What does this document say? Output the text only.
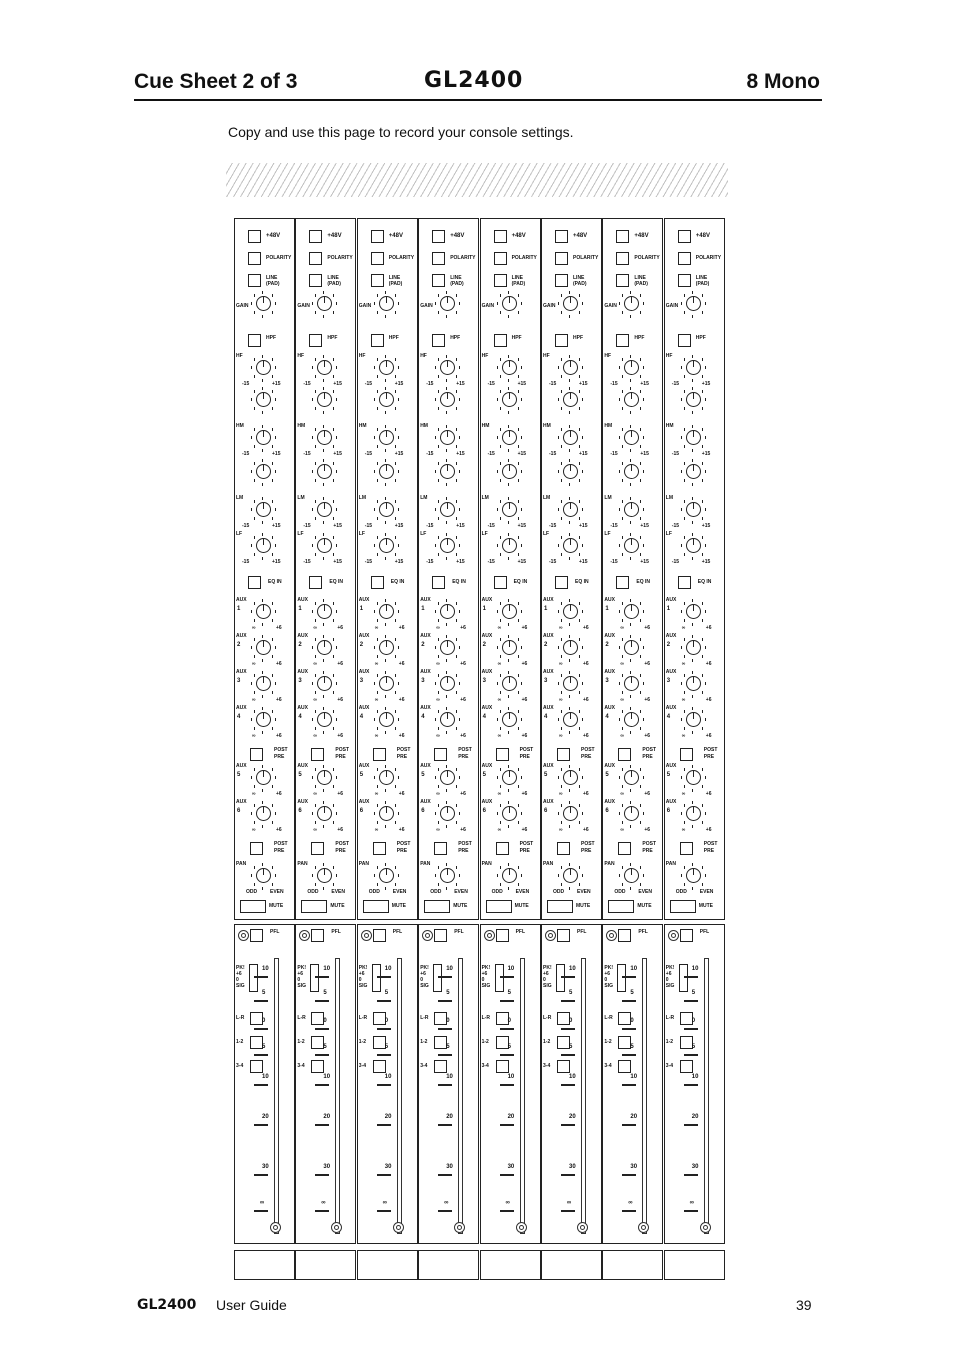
Cue Sheet 2 of 3	GL2400	8 Mono
Copy and use this page to record your console settings.
+48V
POLARITY
LINE
(PAD)
GAIN
HPF
HF
-15	+15
HM
-15	+15
LM
-15	+15
LF
-15	+15
EQ IN
AUX
1
∞	+6
AUX
2
∞	+6
AUX
3
∞	+6
AUX
4
∞	+6
POST
PRE
AUX
5
∞	+6
AUX
6
∞	+6
POST
PRE
PAN
ODD	EVEN
MUTE
PFL
PK!
+6
0
SIG
L-R
1-2
3-4
10
5
0
5
10
20
30
∞
+48V
POLARITY
LINE
(PAD)
GAIN
HPF
HF
-15	+15
HM
-15	+15
LM
-15	+15
LF
-15	+15
EQ IN
AUX
1
∞	+6
AUX
2
∞	+6
AUX
3
∞	+6
AUX
4
∞	+6
POST
PRE
AUX
5
∞	+6
AUX
6
∞	+6
POST
PRE
PAN
ODD	EVEN
MUTE
PFL
PK!
+6
0
SIG
L-R
1-2
3-4
10
5
0
5
10
20
30
∞
+48V
POLARITY
LINE
(PAD)
GAIN
HPF
HF
-15	+15
HM
-15	+15
LM
-15	+15
LF
-15	+15
EQ IN
AUX
1
∞	+6
AUX
2
∞	+6
AUX
3
∞	+6
AUX
4
∞	+6
POST
PRE
AUX
5
∞	+6
AUX
6
∞	+6
POST
PRE
PAN
ODD	EVEN
MUTE
PFL
PK!
+6
0
SIG
L-R
1-2
3-4
10
5
0
5
10
20
30
∞
+48V
POLARITY
LINE
(PAD)
GAIN
HPF
HF
-15	+15
HM
-15	+15
LM
-15	+15
LF
-15	+15
EQ IN
AUX
1
∞	+6
AUX
2
∞	+6
AUX
3
∞	+6
AUX
4
∞	+6
POST
PRE
AUX
5
∞	+6
AUX
6
∞	+6
POST
PRE
PAN
ODD	EVEN
MUTE
PFL
PK!
+6
0
SIG
L-R
1-2
3-4
10
5
0
5
10
20
30
∞
+48V
POLARITY
LINE
(PAD)
GAIN
HPF
HF
-15	+15
HM
-15	+15
LM
-15	+15
LF
-15	+15
EQ IN
AUX
1
∞	+6
AUX
2
∞	+6
AUX
3
∞	+6
AUX
4
∞	+6
POST
PRE
AUX
5
∞	+6
AUX
6
∞	+6
POST
PRE
PAN
ODD	EVEN
MUTE
PFL
PK!
+6
0
SIG
L-R
1-2
3-4
10
5
0
5
10
20
30
∞
+48V
POLARITY
LINE
(PAD)
GAIN
HPF
HF
-15	+15
HM
-15	+15
LM
-15	+15
LF
-15	+15
EQ IN
AUX
1
∞	+6
AUX
2
∞	+6
AUX
3
∞	+6
AUX
4
∞	+6
POST
PRE
AUX
5
∞	+6
AUX
6
∞	+6
POST
PRE
PAN
ODD	EVEN
MUTE
PFL
PK!
+6
0
SIG
L-R
1-2
3-4
10
5
0
5
10
20
30
∞
+48V
POLARITY
LINE
(PAD)
GAIN
HPF
HF
-15	+15
HM
-15	+15
LM
-15	+15
LF
-15	+15
EQ IN
AUX
1
∞	+6
AUX
2
∞	+6
AUX
3
∞	+6
AUX
4
∞	+6
POST
PRE
AUX
5
∞	+6
AUX
6
∞	+6
POST
PRE
PAN
ODD	EVEN
MUTE
PFL
PK!
+6
0
SIG
L-R
1-2
3-4
10
5
0
5
10
20
30
∞
+48V
POLARITY
LINE
(PAD)
GAIN
HPF
HF
-15	+15
HM
-15	+15
LM
-15	+15
LF
-15	+15
EQ IN
AUX
1
∞	+6
AUX
2
∞	+6
AUX
3
∞	+6
AUX
4
∞	+6
POST
PRE
AUX
5
∞	+6
AUX
6
∞	+6
POST
PRE
PAN
ODD	EVEN
MUTE
PFL
PK!
+6
0
SIG
L-R
1-2
3-4
10
5
0
5
10
20
30
∞
GL2400 User Guide	39
